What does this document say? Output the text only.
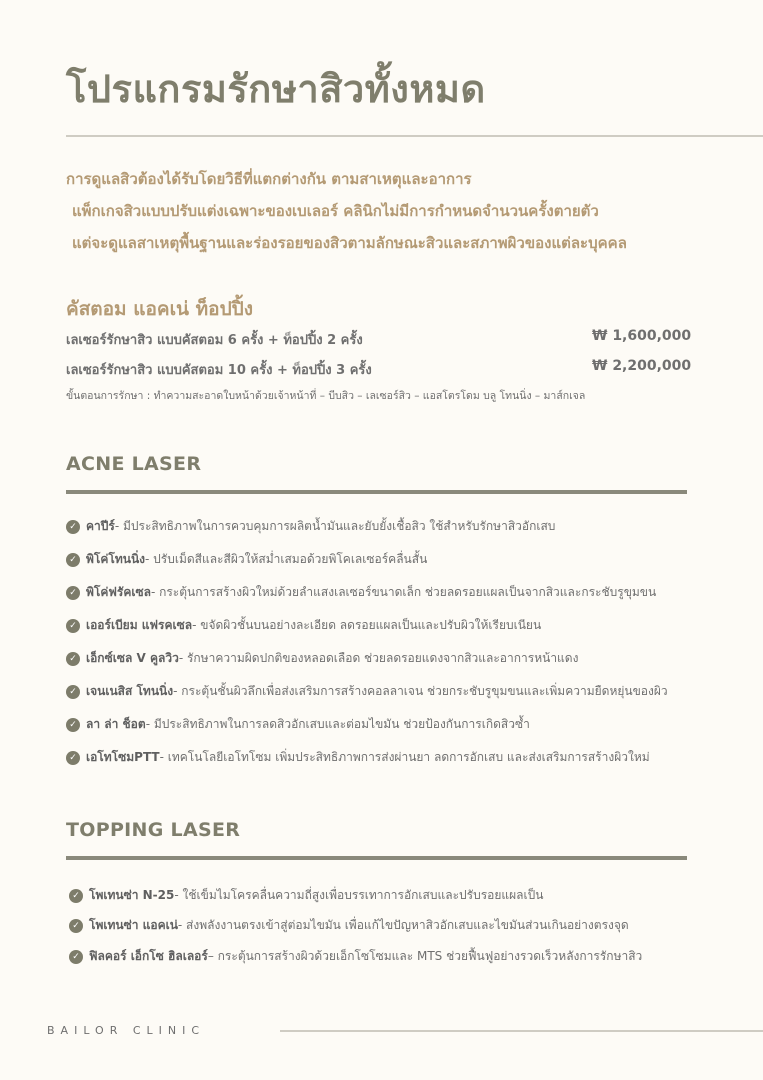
โปรแกรมรักษาสิวทั้งหมด
การดูแลสิวต้องได้รับโดยวิธีที่แตกต่างกัน ตามสาเหตุและอาการ
แพ็กเกจสิวแบบปรับแต่งเฉพาะของเบเลอร์ คลินิกไม่มีการกำหนดจำนวนครั้งตายตัว
แต่จะดูแลสาเหตุพื้นฐานและร่องรอยของสิวตามลักษณะสิวและสภาพผิวของแต่ละบุคคล
คัสตอม แอคเน่ ท็อปปิ้ง
เลเซอร์รักษาสิว แบบคัสตอม 6 ครั้ง + ท็อปปิ้ง 2 ครั้ง	₩ 1,600,000
เลเซอร์รักษาสิว แบบคัสตอม 10 ครั้ง + ท็อปปิ้ง 3 ครั้ง	₩ 2,200,000
ขั้นตอนการรักษา : ทำความสะอาดใบหน้าด้วยเจ้าหน้าที่ – บีบสิว – เลเซอร์สิว – แอสโตรโดม บลู โทนนิ่ง – มาส์กเจล
ACNE LASER
✓ คาปีร์ - มีประสิทธิภาพในการควบคุมการผลิตน้ำมันและยับยั้งเชื้อสิว ใช้สำหรับรักษาสิวอักเสบ
✓ พิโค่โทนนิ่ง - ปรับเม็ดสีและสีผิวให้สม่ำเสมอด้วยพิโคเลเซอร์คลื่นสั้น
✓ พิโค่ฟรัคเซล - กระตุ้นการสร้างผิวใหม่ด้วยลำแสงเลเซอร์ขนาดเล็ก ช่วยลดรอยแผลเป็นจากสิวและกระชับรูขุมขน
✓ เออร์เบียม แฟรคเซล - ขจัดผิวชั้นบนอย่างละเอียด ลดรอยแผลเป็นและปรับผิวให้เรียบเนียน
✓ เอ็กซ์เซล V คูลวิว - รักษาความผิดปกติของหลอดเลือด ช่วยลดรอยแดงจากสิวและอาการหน้าแดง
✓ เจนเนสิส โทนนิ่ง - กระตุ้นชั้นผิวลึกเพื่อส่งเสริมการสร้างคอลลาเจน ช่วยกระชับรูขุมขนและเพิ่มความยืดหยุ่นของผิว
✓ ลา ล่า ช็อต - มีประสิทธิภาพในการลดสิวอักเสบและต่อมไขมัน ช่วยป้องกันการเกิดสิวซ้ำ
✓ เอโทโซมPTT - เทคโนโลยีเอโทโซม เพิ่มประสิทธิภาพการส่งผ่านยา ลดการอักเสบ และส่งเสริมการสร้างผิวใหม่
TOPPING LASER
✓ โพเทนซ่า N-25 - ใช้เข็มไมโครคลื่นความถี่สูงเพื่อบรรเทาการอักเสบและปรับรอยแผลเป็น
✓ โพเทนซ่า แอคเน่ - ส่งพลังงานตรงเข้าสู่ต่อมไขมัน เพื่อแก้ไขปัญหาสิวอักเสบและไขมันส่วนเกินอย่างตรงจุด
✓ ฟิลคอร์ เอ็กโซ ฮิลเลอร์ – กระตุ้นการสร้างผิวด้วยเอ็กโซโซมและ MTS ช่วยฟื้นฟูอย่างรวดเร็วหลังการรักษาสิว
BAILOR CLINIC
